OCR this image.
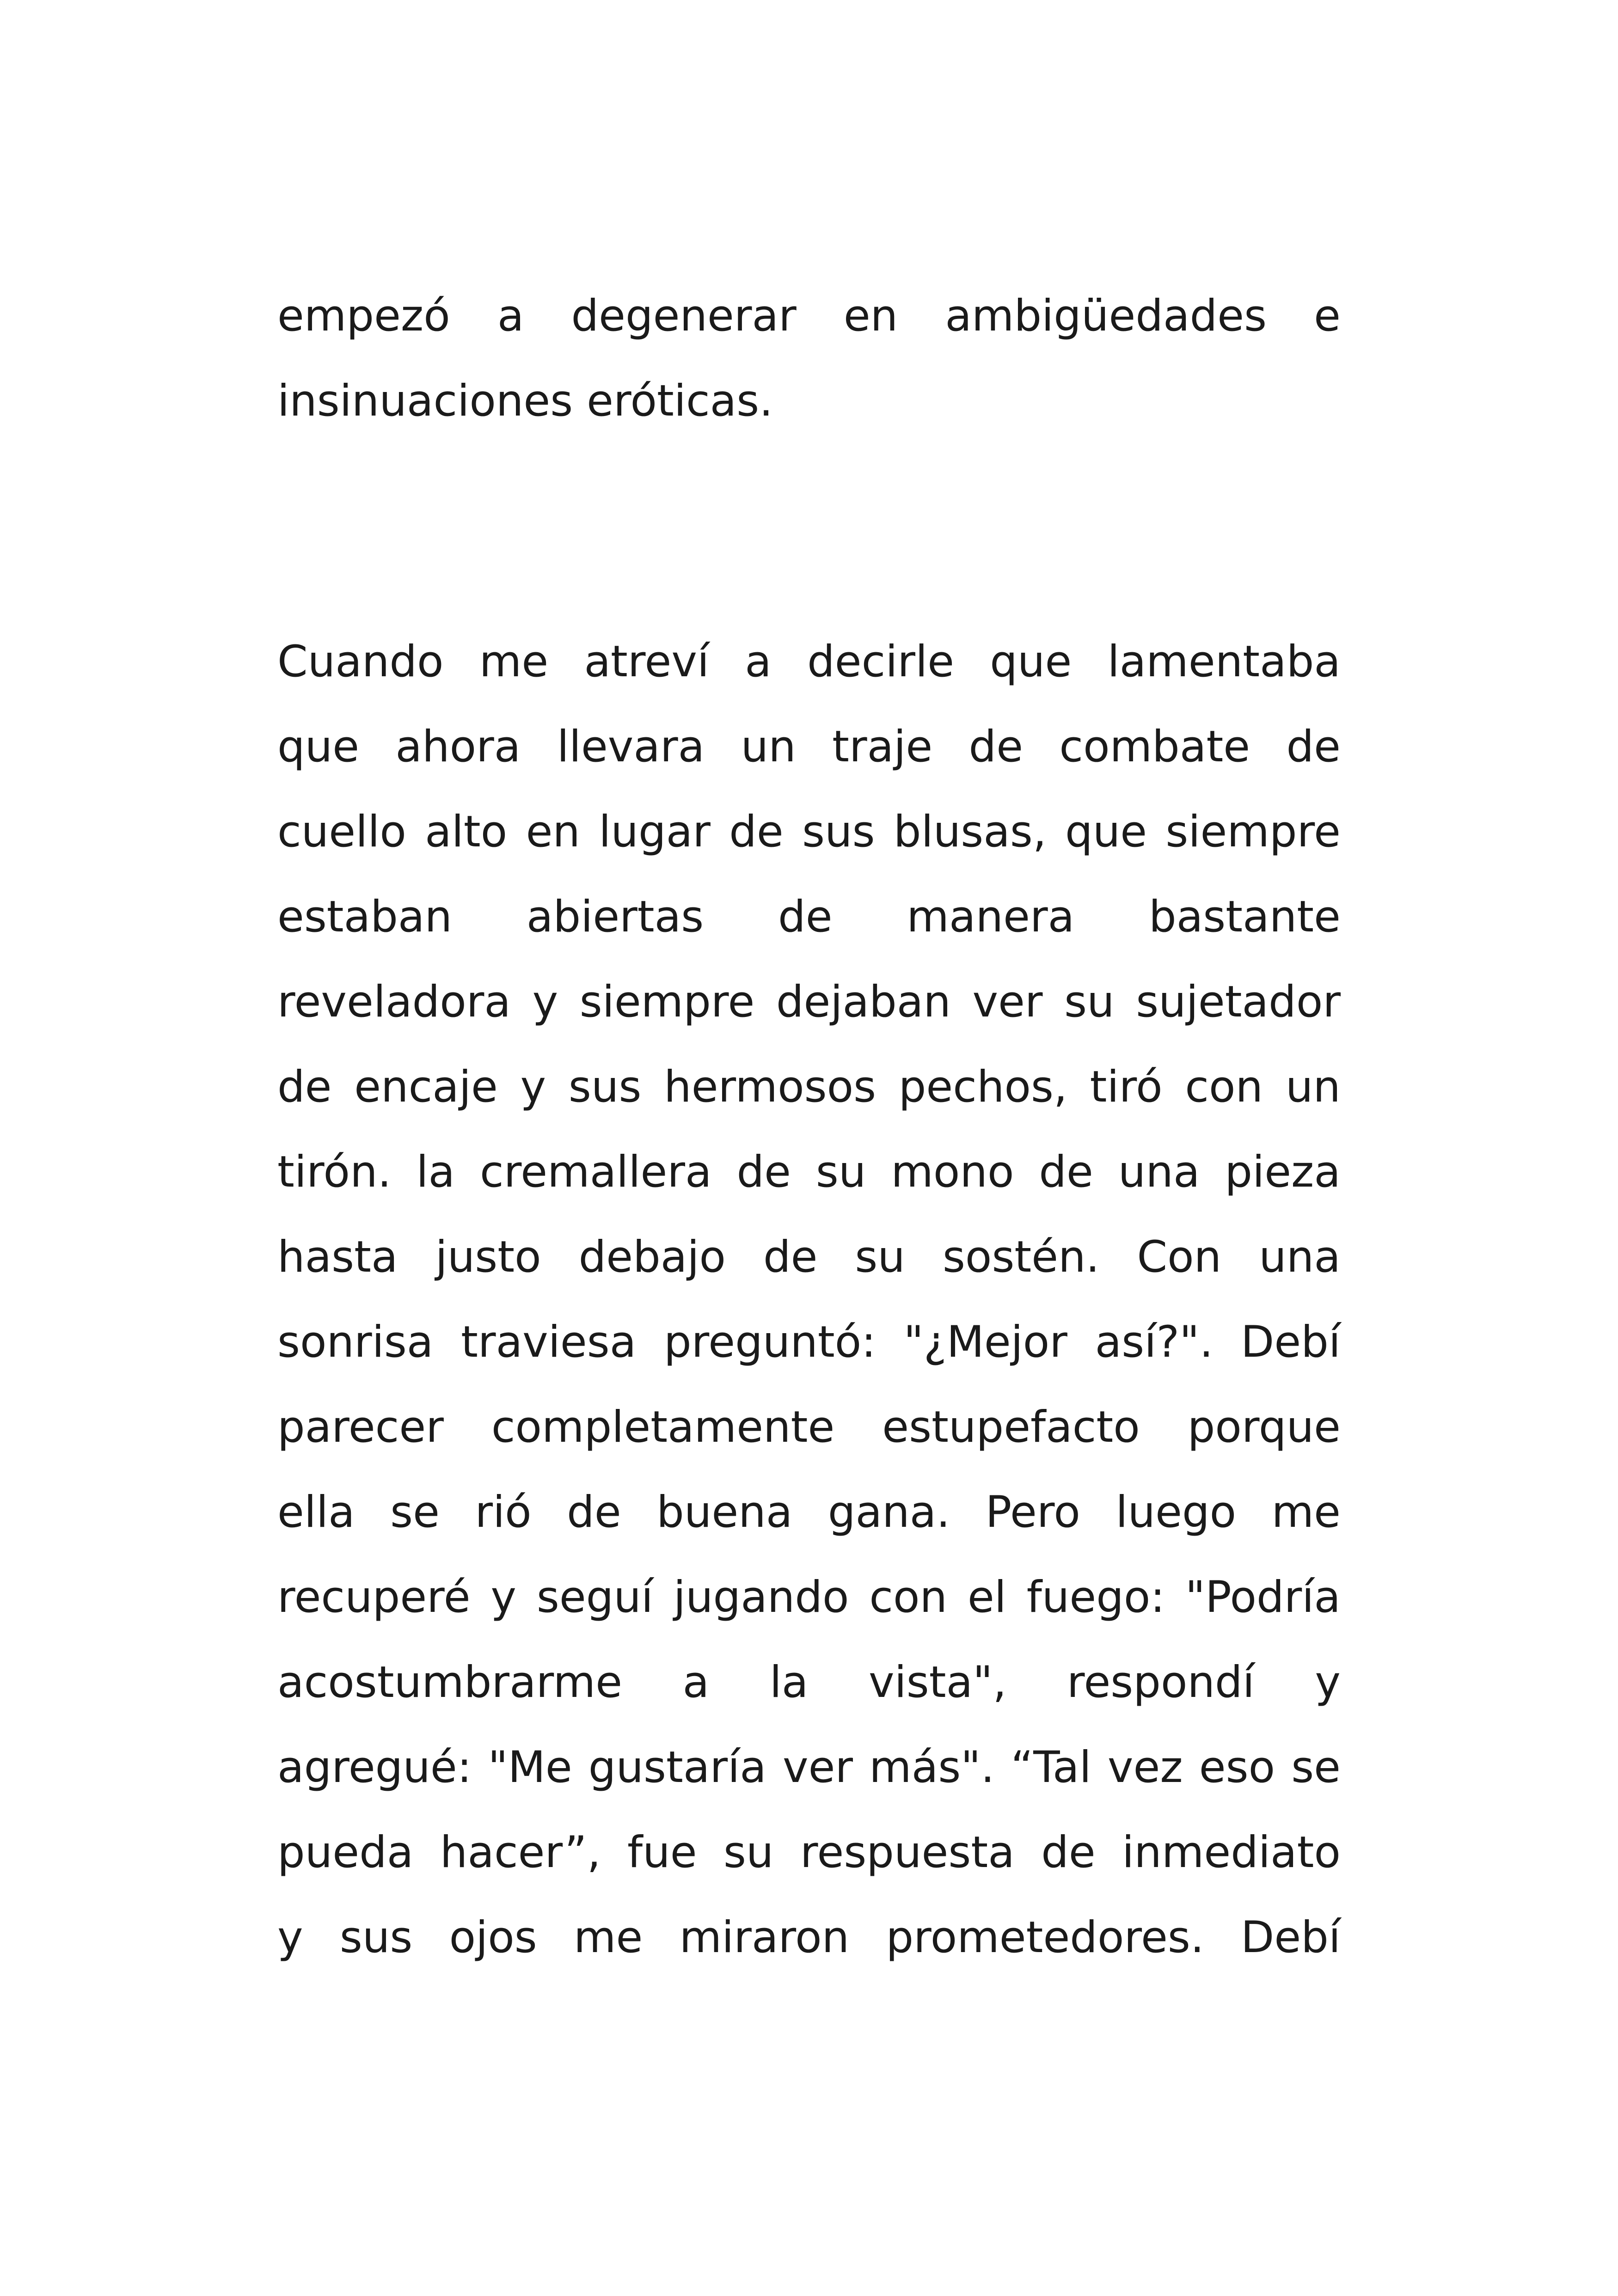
empezó a degenerar en ambigüedades e
insinuaciones eróticas.
Cuando me atreví a decirle que lamentaba
que ahora llevara un traje de combate de
cuello alto en lugar de sus blusas, que siempre
estaban abiertas de manera bastante
reveladora y siempre dejaban ver su sujetador
de encaje y sus hermosos pechos, tiró con un
tirón. la cremallera de su mono de una pieza
hasta justo debajo de su sostén. Con una
sonrisa traviesa preguntó: "¿Mejor así?". Debí
parecer completamente estupefacto porque
ella se rió de buena gana. Pero luego me
recuperé y seguí jugando con el fuego: "Podría
acostumbrarme a la vista", respondí y
agregué: "Me gustaría ver más". “Tal vez eso se
pueda hacer”, fue su respuesta de inmediato
y sus ojos me miraron prometedores. Debí
